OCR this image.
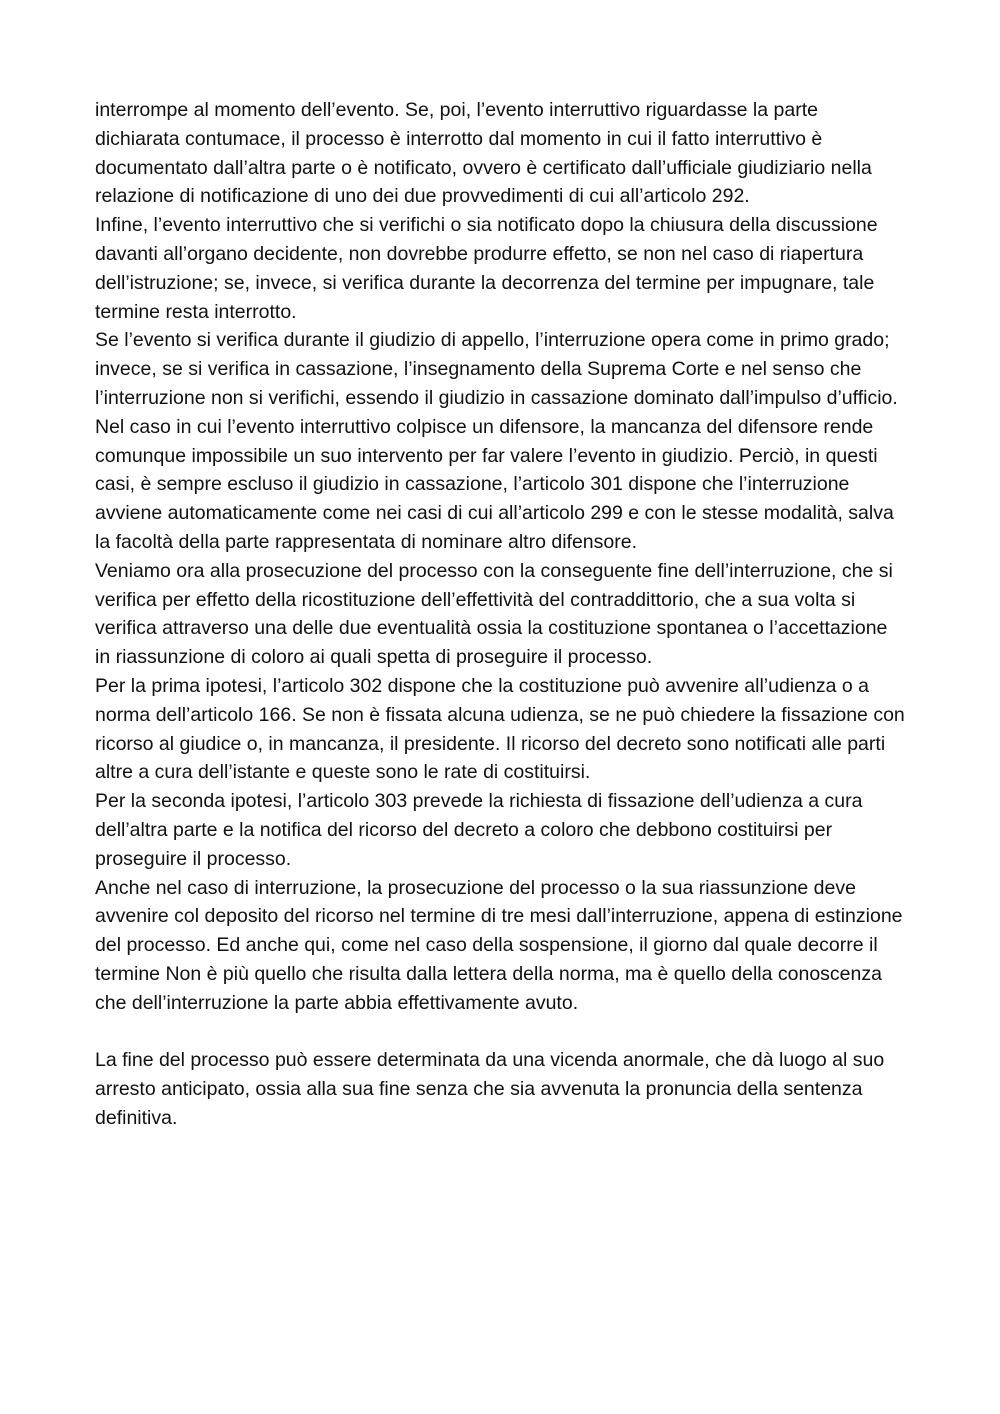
interrompe al momento dell’evento. Se, poi, l’evento interruttivo riguardasse la parte dichiarata contumace, il processo è interrotto dal momento in cui il fatto interruttivo è documentato dall’altra parte o è notificato, ovvero è certificato dall’ufficiale giudiziario nella relazione di notificazione di uno dei due provvedimenti di cui all’articolo 292.

Infine, l’evento interruttivo che si verifichi o sia notificato dopo la chiusura della discussione davanti all’organo decidente, non dovrebbe produrre effetto, se non nel caso di riapertura dell’istruzione; se, invece, si verifica durante la decorrenza del termine per impugnare, tale termine resta interrotto.

Se l’evento si verifica durante il giudizio di appello, l’interruzione opera come in primo grado; invece, se si verifica in cassazione, l’insegnamento della Suprema Corte e nel senso che l’interruzione non si verifichi, essendo il giudizio in cassazione dominato dall’impulso d’ufficio.

Nel caso in cui l’evento interruttivo colpisce un difensore, la mancanza del difensore rende comunque impossibile un suo intervento per far valere l’evento in giudizio. Perciò, in questi casi, è sempre escluso il giudizio in cassazione, l’articolo 301 dispone che l’interruzione avviene automaticamente come nei casi di cui all’articolo 299 e con le stesse modalità, salva la facoltà della parte rappresentata di nominare altro difensore.

Veniamo ora alla prosecuzione del processo con la conseguente fine dell’interruzione, che si verifica per effetto della ricostituzione dell’effettività del contraddittorio, che a sua volta si verifica attraverso una delle due eventualità ossia la costituzione spontanea o l’accettazione in riassunzione di coloro ai quali spetta di proseguire il processo.

Per la prima ipotesi, l’articolo 302 dispone che la costituzione può avvenire all’udienza o a norma dell’articolo 166. Se non è fissata alcuna udienza, se ne può chiedere la fissazione con ricorso al giudice o, in mancanza, il presidente. Il ricorso del decreto sono notificati alle parti altre a cura dell’istante e queste sono le rate di costituirsi.

Per la seconda ipotesi, l’articolo 303 prevede la richiesta di fissazione dell’udienza a cura dell’altra parte e la notifica del ricorso del decreto a coloro che debbono costituirsi per proseguire il processo.

Anche nel caso di interruzione, la prosecuzione del processo o la sua riassunzione deve avvenire col deposito del ricorso nel termine di tre mesi dall’interruzione, appena di estinzione del processo. Ed anche qui, come nel caso della sospensione, il giorno dal quale decorre il termine Non è più quello che risulta dalla lettera della norma, ma è quello della conoscenza che dell’interruzione la parte abbia effettivamente avuto.

La fine del processo può essere determinata da una vicenda anormale, che dà luogo al suo arresto anticipato, ossia alla sua fine senza che sia avvenuta la pronuncia della sentenza definitiva.
